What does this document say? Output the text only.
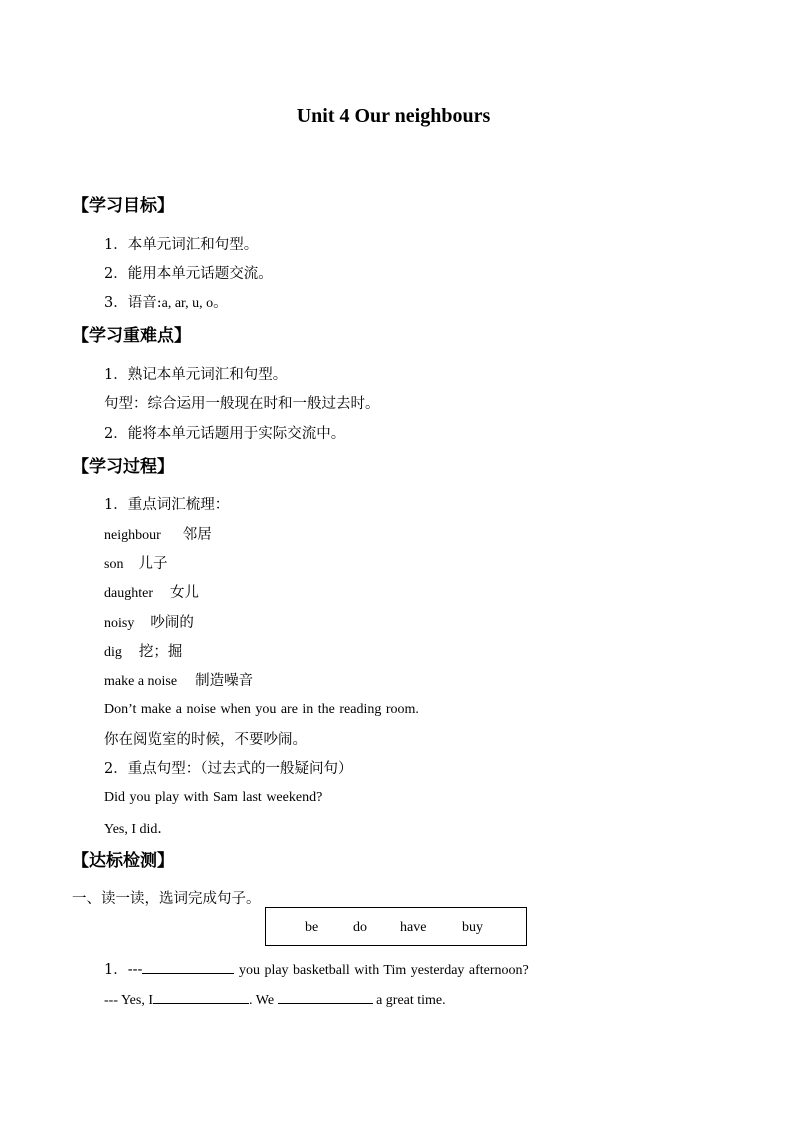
Unit 4 Our neighbours
【学习目标】
1．本单元词汇和句型。
2．能用本单元话题交流。
3．语音:a, ar, u, o。
【学习重难点】
1．熟记本单元词汇和句型。
句型：综合运用一般现在时和一般过去时。
2．能将本单元话题用于实际交流中。
【学习过程】
1．重点词汇梳理：
neighbour 邻居
son 儿子
daughter 女儿
noisy 吵闹的
dig 挖；掘
make a noise 制造噪音
Don’t make a noise when you are in the reading room.
你在阅览室的时候，不要吵闹。
2．重点句型：（过去式的一般疑问句）
Did you play with Sam last weekend?
Yes, I did．
【达标检测】
一、读一读，选词完成句子。
be do have	buy
1．---	you play basketball with Tim yesterday afternoon?
--- Yes, I	. We	a great time.
